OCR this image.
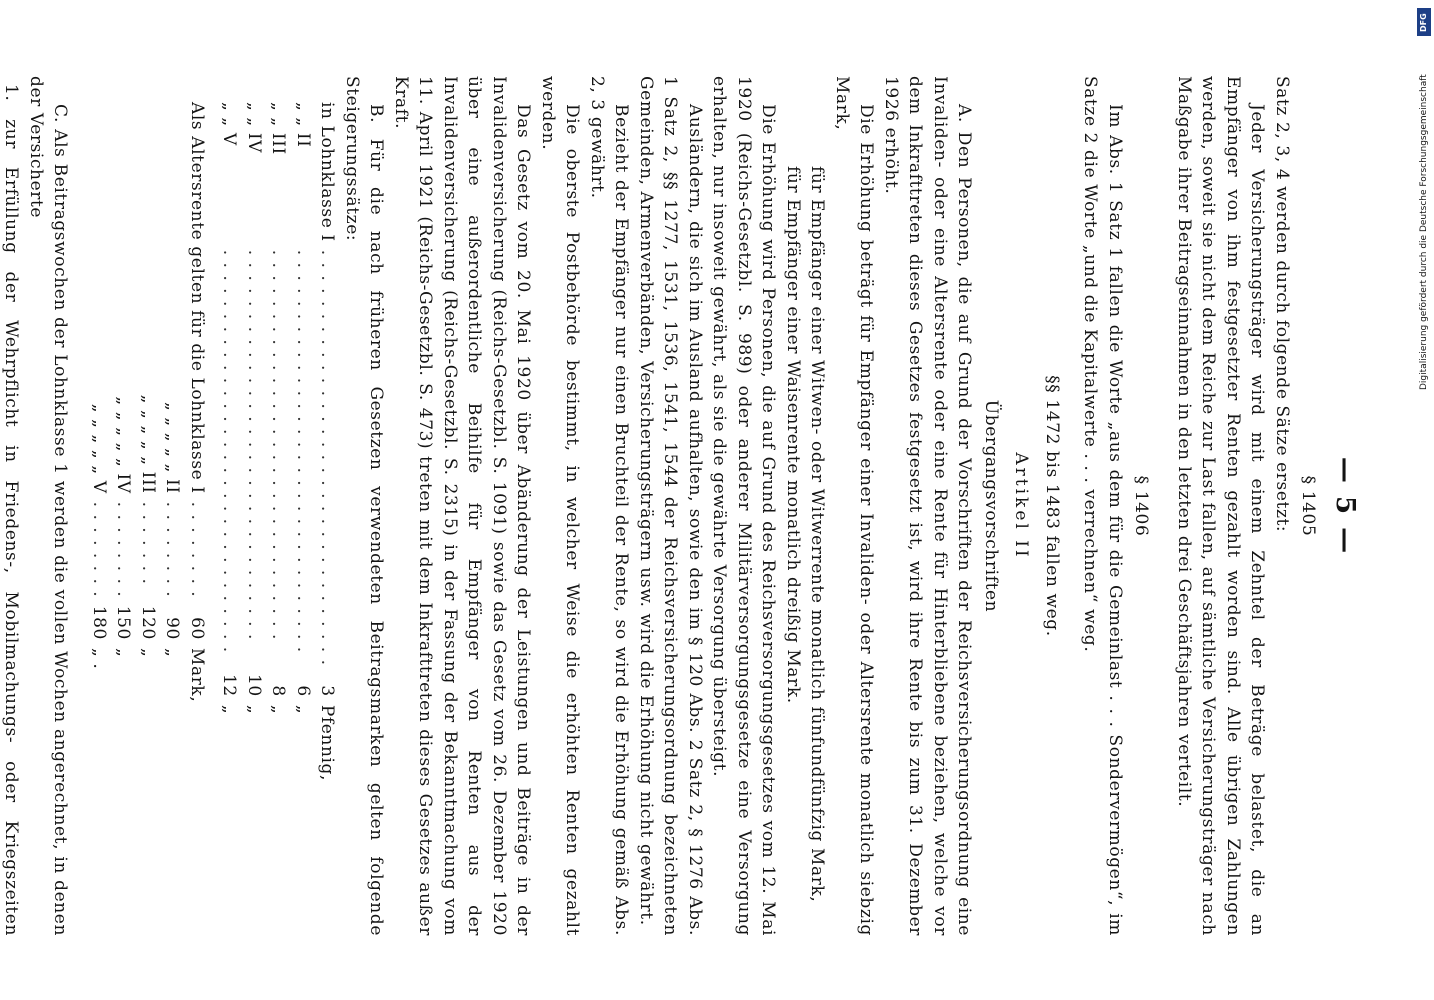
— 5 —
§ 1405

Satz 2, 3, 4 werden durch folgende Sätze ersetzt:

Jeder Versicherungsträger wird mit einem Zehntel der Beträge belastet, die an Empfänger von ihm festgesetzter Renten gezahlt worden sind. Alle übrigen Zahlungen werden, soweit sie nicht dem Reiche zur Last fallen, auf sämtliche Versicherungsträger nach Maßgabe ihrer Beitragseinnahmen in den letzten drei Geschäftsjahren verteilt.

§ 1406

Im Abs. 1 Satz 1 fallen die Worte „aus dem für die Gemeinlast . . . Sondervermögen“, im Satze 2 die Worte „und die Kapitalwerte . . . verrechnen“ weg.

§§ 1472 bis 1483 fallen weg.
Artikel II
Übergangsvorschriften

A. Den Personen, die auf Grund der Vorschriften der Reichsversicherungsordnung eine Invaliden- oder eine Altersrente oder eine Rente für Hinterbliebene beziehen, welche vor dem Inkrafttreten dieses Gesetzes festgesetzt ist, wird ihre Rente bis zum 31. Dezember 1926 erhöht.

Die Erhöhung beträgt für Empfänger einer Invaliden- oder Altersrente monatlich siebzig Mark,

für Empfänger einer Witwen- oder Witwerrente monatlich fünfundfünfzig Mark,

für Empfänger einer Waisenrente monatlich dreißig Mark.

Die Erhöhung wird Personen, die auf Grund des Reichsversorgungsgesetzes vom 12. Mai 1920 (Reichs-Gesetzbl. S. 989) oder anderer Militärversorgungsgesetze eine Versorgung erhalten, nur insoweit gewährt, als sie die gewährte Versorgung übersteigt.

Ausländern, die sich im Ausland aufhalten, sowie den im § 120 Abs. 2 Satz 2, § 1276 Abs. 1 Satz 2, §§ 1277, 1531, 1536, 1541, 1544 der Reichsversicherungsordnung bezeichneten Gemeinden, Armenverbänden, Versicherungsträgern usw. wird die Erhöhung nicht gewährt.

Bezieht der Empfänger nur einen Bruchteil der Rente, so wird die Erhöhung gemäß Abs. 2, 3 gewährt.

Die oberste Postbehörde bestimmt, in welcher Weise die erhöhten Renten gezahlt werden.

Das Gesetz vom 20. Mai 1920 über Abänderung der Leistungen und Beiträge in der Invalidenversicherung (Reichs-Gesetzbl. S. 1091) sowie das Gesetz vom 26. Dezember 1920 über eine außerordentliche Beihilfe für Empfänger von Renten aus der Invalidenversicherung (Reichs-Gesetzbl. S. 2315) in der Fassung der Bekanntmachung vom 11. April 1921 (Reichs-Gesetzbl. S. 473) treten mit dem Inkrafttreten dieses Gesetzes außer Kraft.

B. Für die nach früheren Gesetzen verwendeten Beitragsmarken gelten folgende Steigerungssätze:

in Lohnklasse I	. . . . . . . . . . . . . . . . . . . . . . . . . . . . . . . . .	3	Pfennig,
„ „ II	. . . . . . . . . . . . . . . . . . . . . . . . . . . . . . . .	6	„
„ „ III	. . . . . . . . . . . . . . . . . . . . . . . . . . . . . . .	8	„
„ „ IV	. . . . . . . . . . . . . . . . . . . . . . . . . . . . . . .	10	„
„ „ V	. . . . . . . . . . . . . . . . . . . . . . . . . . . . . . . .	12	„
Als Altersrente gelten für die Lohnklasse I	. . . . . . . .	60	Mark,
„ „ „ „ „ II	. . . . . . . .	90	„
„ „ „ „ „ III	. . . . . . .	120	„
„ „ „ „ „ IV	. . . . . . . .	150	„
„ „ „ „ „ V	. . . . . . . .	180	„ .

C. Als Beitragswochen der Lohnklasse 1 werden die vollen Wochen angerechnet, in denen der Versicherte

1. zur Erfüllung der Wehrpflicht in Friedens-, Mobilmachungs- oder Kriegszeiten

Digitalisierung gefördert durch die Deutsche Forschungsgemeinschaft
DFG
